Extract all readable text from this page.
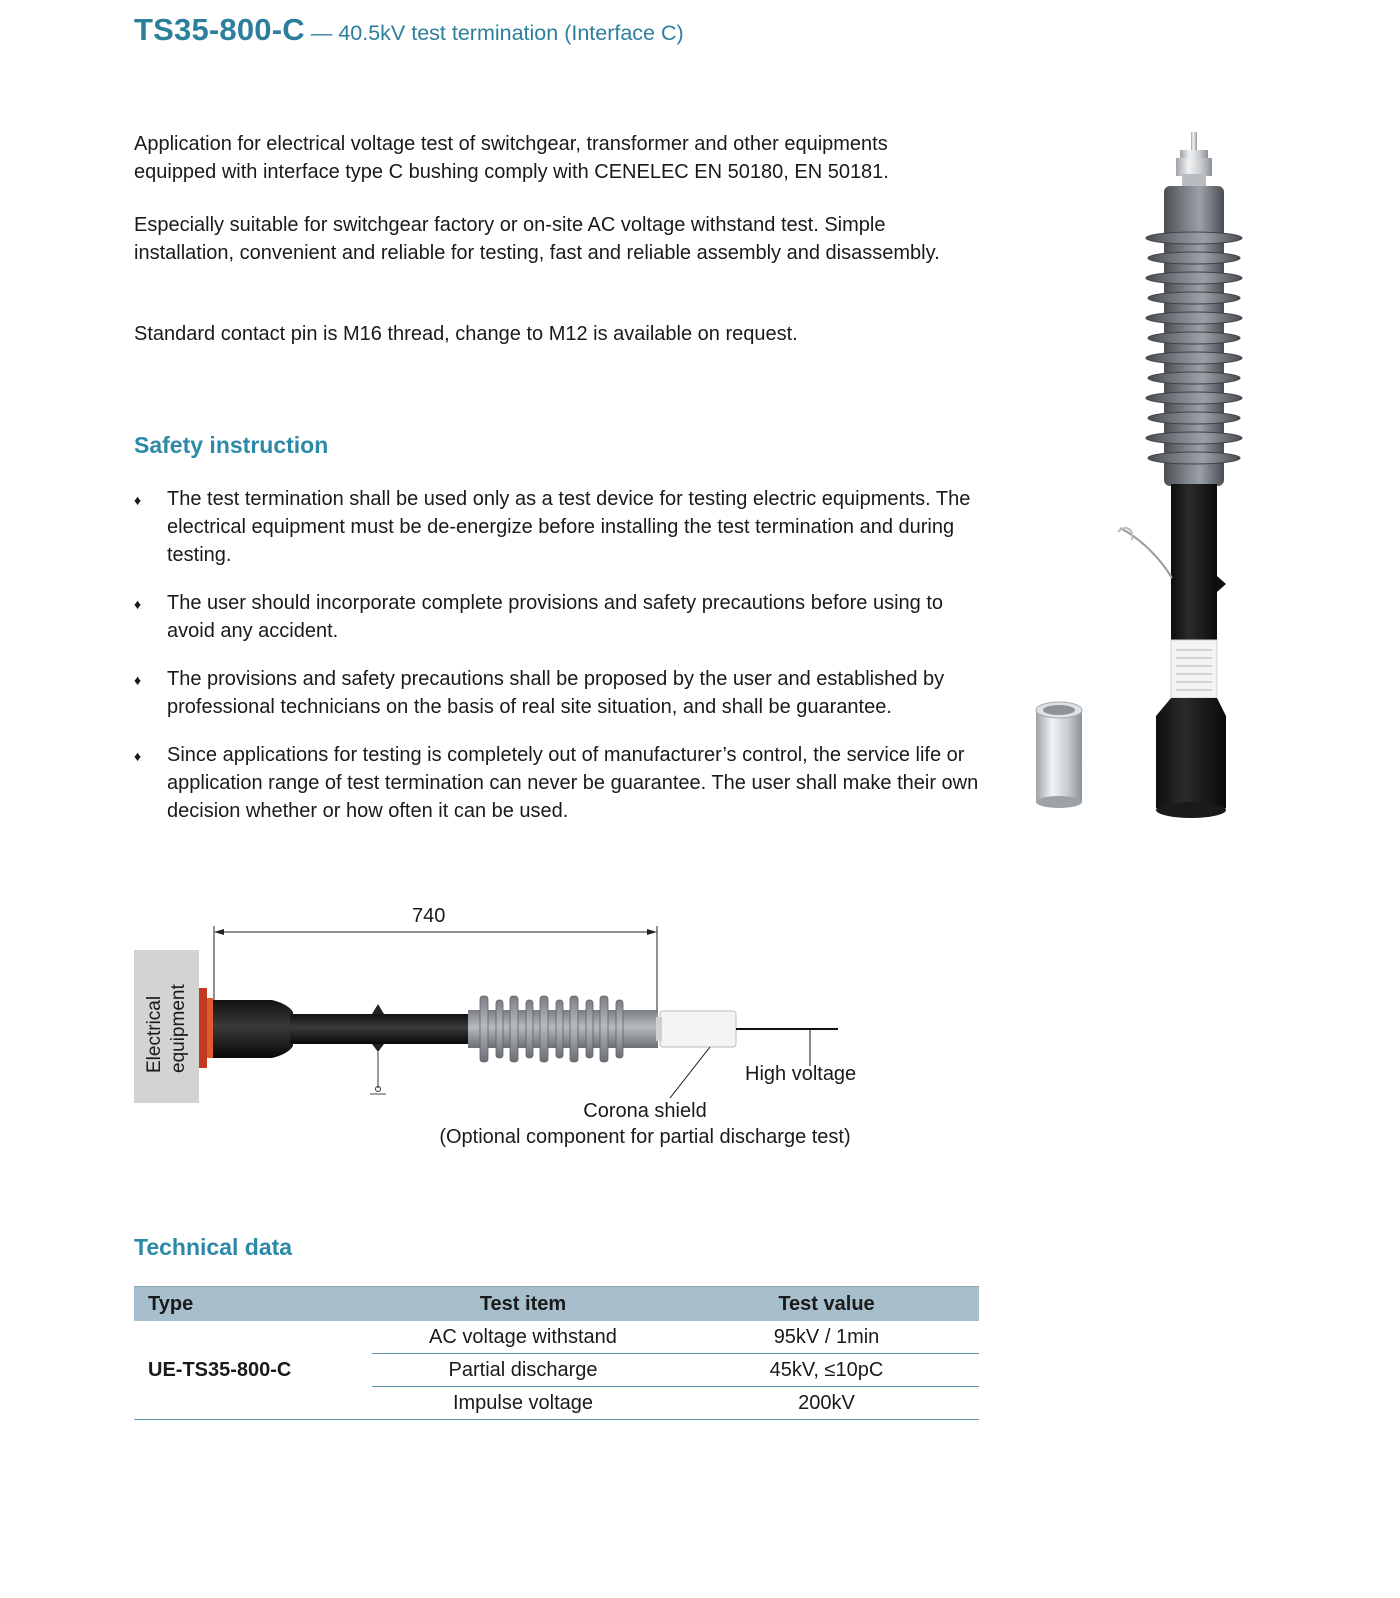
TS35-800-C — 40.5kV test termination (Interface C)

Application for electrical voltage test of switchgear, transformer and other equipments equipped with interface type C bushing comply with CENELEC EN 50180, EN 50181.

Especially suitable for switchgear factory or on-site AC voltage withstand test. Simple installation, convenient and reliable for testing, fast and reliable assembly and disassembly.

Standard contact pin is M16 thread, change to M12 is available on request.

Safety instruction
♦ The test termination shall be used only as a test device for testing electric equipments. The electrical equipment must be de-energize before installing the test termination and during testing.
♦ The user should incorporate complete provisions and safety precautions before using to avoid any accident.
♦ The provisions and safety precautions shall be proposed by the user and established by professional technicians on the basis of real site situation, and shall be guarantee.
♦ Since applications for testing is completely out of manufacturer’s control, the service life or application range of test termination can never be guarantee. The user shall make their own decision whether or how often it can be used.
Electrical equipment
740
High voltage
Corona shield
(Optional component for partial discharge test)
Technical data
Type	Test item	Test value
UE-TS35-800-C	AC voltage withstand	95kV / 1min
	Partial discharge	45kV, ≤10pC
	Impulse voltage	200kV
